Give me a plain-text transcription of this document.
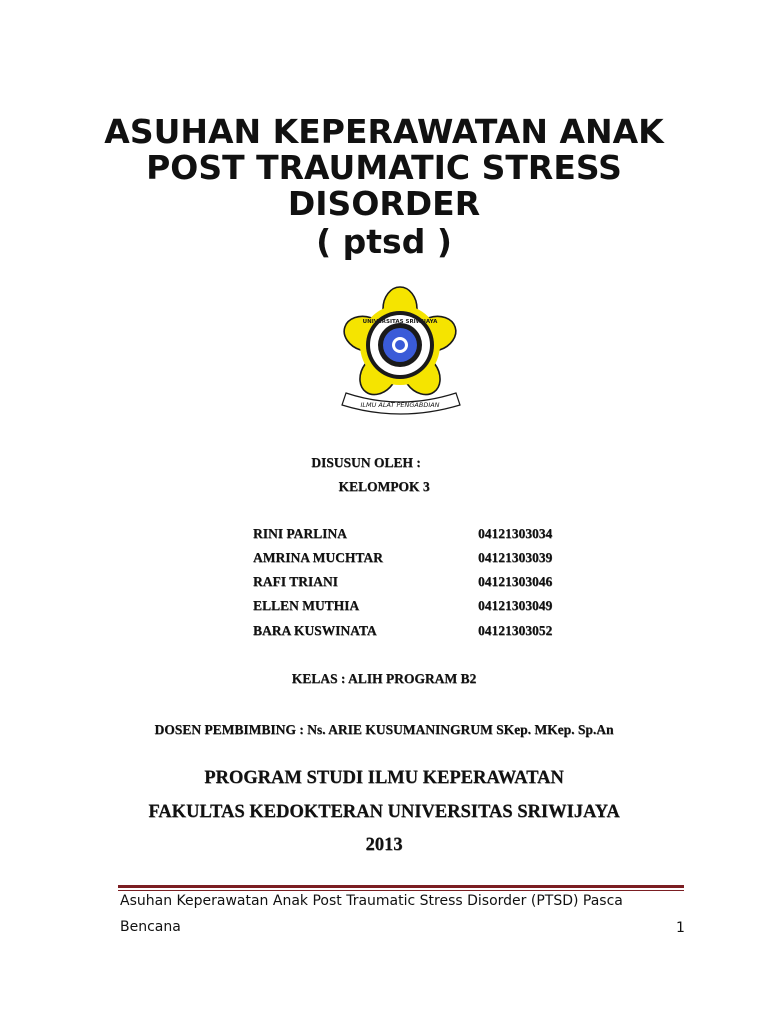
ASUHAN KEPERAWATAN ANAK
POST TRAUMATIC STRESS
DISORDER
( ptsd )
UNIVERSITAS SRIWIJAYA
ILMU ALAT PENGABDIAN
DISUSUN OLEH :
KELOMPOK 3
RINI PARLINA	04121303034
AMRINA MUCHTAR	04121303039
RAFI TRIANI	04121303046
ELLEN MUTHIA	04121303049
BARA KUSWINATA	04121303052
KELAS : ALIH PROGRAM B2
DOSEN PEMBIMBING : Ns. ARIE KUSUMANINGRUM SKep. MKep. Sp.An
PROGRAM STUDI ILMU KEPERAWATAN
FAKULTAS KEDOKTERAN UNIVERSITAS SRIWIJAYA
2013
Asuhan Keperawatan Anak Post Traumatic Stress Disorder (PTSD) Pasca
Bencana	1
